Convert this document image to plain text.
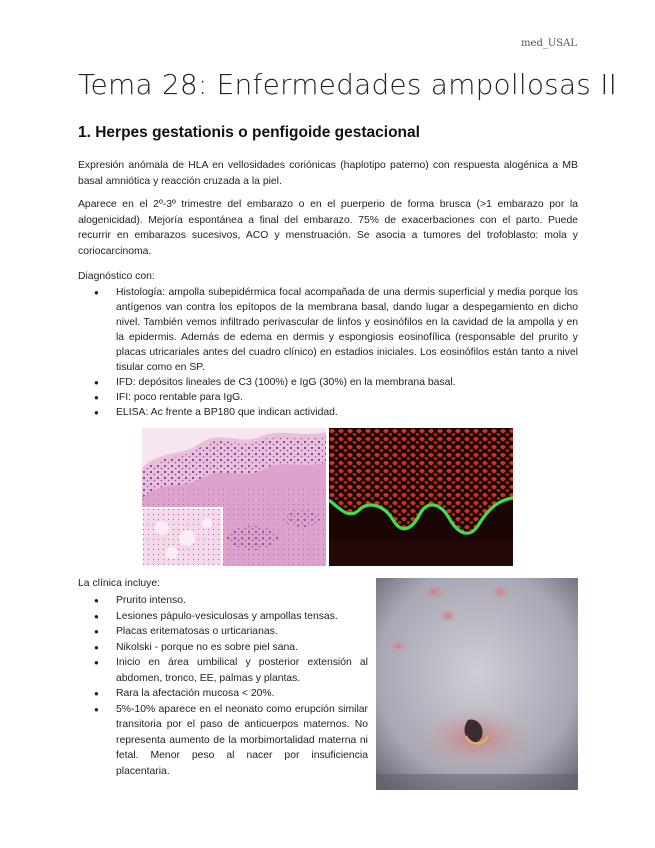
med_USAL
Tema 28: Enfermedades ampollosas II
1. Herpes gestationis o penfigoide gestacional

Expresión anómala de HLA en vellosidades coriónicas (haplotipo paterno) con respuesta alogénica a MB basal amniótica y reacción cruzada a la piel.

Aparece en el 2º-3º trimestre del embarazo o en el puerperio de forma brusca (>1 embarazo por la alogenicidad). Mejoría espontánea a final del embarazo. 75% de exacerbaciones con el parto. Puede recurrir en embarazos sucesivos, ACO y menstruación. Se asocia a tumores del trofoblasto: mola y coriocarcinoma.

Diagnóstico con:
● Histología: ampolla subepidérmica focal acompañada de una dermis superficial y media porque los antígenos van contra los epítopos de la membrana basal, dando lugar a despegamiento en dicho nivel. También vemos infiltrado perivascular de linfos y eosinófilos en la cavidad de la ampolla y en la epidermis. Además de edema en dermis y espongiosis eosinofílica (responsable del prurito y placas utricariales antes del cuadro clínico) en estadios iniciales. Los eosinófilos están tanto a nivel tisular como en SP.
● IFD: depósitos lineales de C3 (100%) e IgG (30%) en la membrana basal.
● IFI: poco rentable para IgG.
● ELISA: Ac frente a BP180 que indican actividad.
La clínica incluye:
● Prurito intenso.
● Lesiones pápulo-vesiculosas y ampollas tensas.
● Placas eritematosas o urticarianas.
● Nikolski - porque no es sobre piel sana.
● Inicio en área umbilical y posterior extensión al abdomen, tronco, EE, palmas y plantas.
● Rara la afectación mucosa < 20%.
● 5%-10% aparece en el neonato como erupción similar transitoria por el paso de anticuerpos maternos. No representa aumento de la morbimortalidad materna ni fetal. Menor peso al nacer por insuficiencia placentaria.
